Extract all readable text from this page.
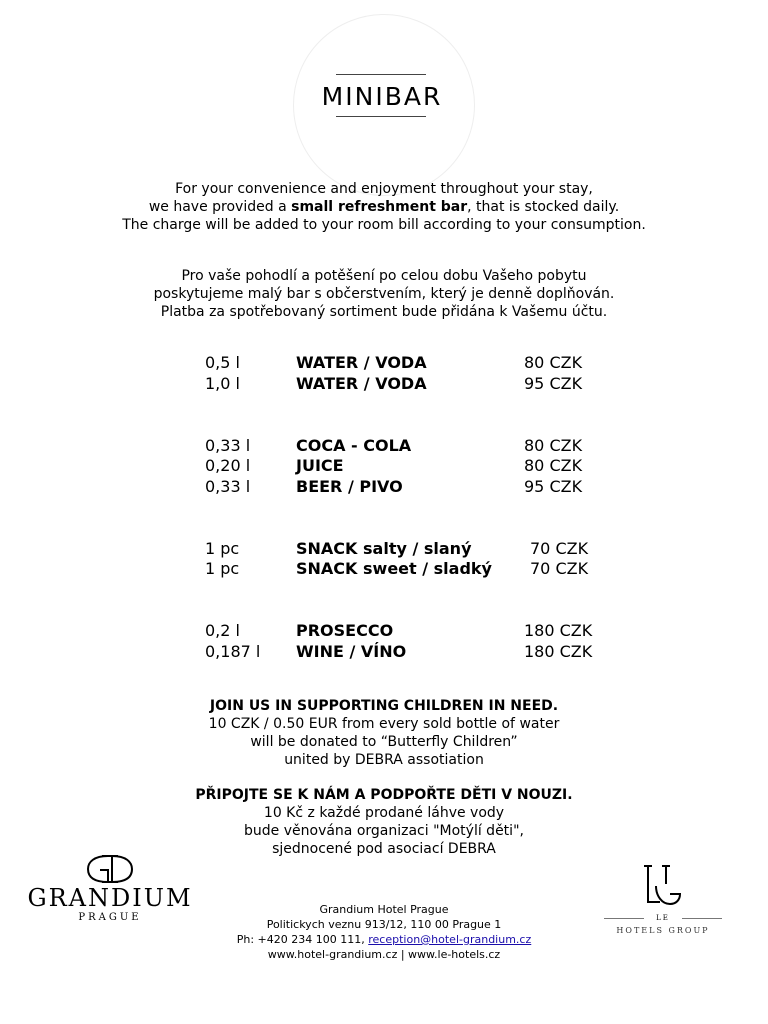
MINIBAR
For your convenience and enjoyment throughout your stay,
we have provided a small refreshment bar, that is stocked daily.
The charge will be added to your room bill according to your consumption.
Pro vaše pohodlí a potěšení po celou dobu Vašeho pobytu
poskytujeme malý bar s občerstvením, který je denně doplňován.
Platba za spotřebovaný sortiment bude přidána k Vašemu účtu.
0,5 l	WATER / VODA	80 CZK
1,0 l	WATER / VODA	95 CZK
0,33 l	COCA - COLA	80 CZK
0,20 l	JUICE	80 CZK
0,33 l	BEER / PIVO	95 CZK
1 pc	SNACK salty / slaný	70 CZK
1 pc	SNACK sweet / sladký 70 CZK
0,2 l	PROSECCO	180 CZK
0,187 l WINE / VÍNO	180 CZK
JOIN US IN SUPPORTING CHILDREN IN NEED.
10 CZK / 0.50 EUR from every sold bottle of water
will be donated to “Butterfly Children”
united by DEBRA assotiation
PŘIPOJTE SE K NÁM A PODPOŘTE DĚTI V NOUZI.
10 Kč z každé prodané láhve vody
bude věnována organizaci "Motýlí děti",
sjednocené pod asociací DEBRA
GRANDIUM
PRAGUE	LE
HOTELS GROUP
Grandium Hotel Prague
Politickych veznu 913/12, 110 00 Prague 1
Ph: +420 234 100 111, reception@hotel-grandium.cz
www.hotel-grandium.cz | www.le-hotels.cz
